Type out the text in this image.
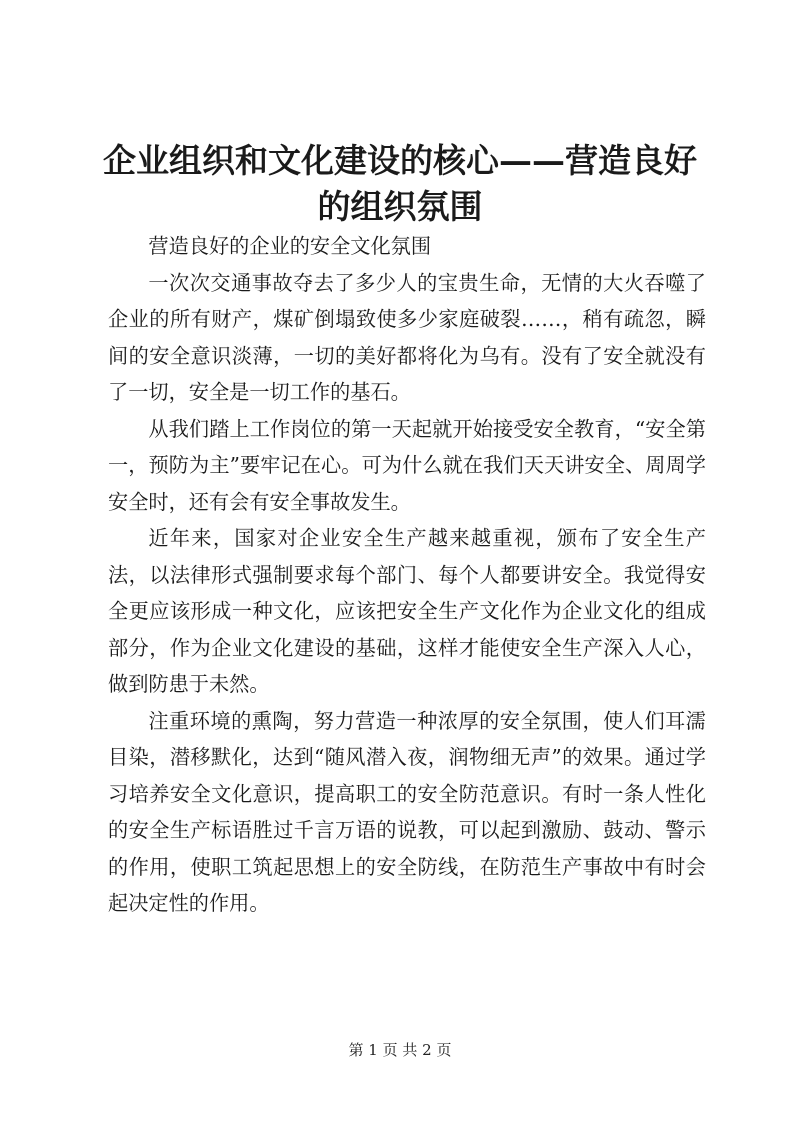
企业组织和文化建设的核心——营造良好的组织氛围

营造良好的企业的安全文化氛围

一次次交通事故夺去了多少人的宝贵生命，无情的大火吞噬了企业的所有财产，煤矿倒塌致使多少家庭破裂……，稍有疏忽，瞬间的安全意识淡薄，一切的美好都将化为乌有。没有了安全就没有了一切，安全是一切工作的基石。

从我们踏上工作岗位的第一天起就开始接受安全教育，“安全第一，预防为主”要牢记在心。可为什么就在我们天天讲安全、周周学安全时，还有会有安全事故发生。

近年来，国家对企业安全生产越来越重视，颁布了安全生产法，以法律形式强制要求每个部门、每个人都要讲安全。我觉得安全更应该形成一种文化，应该把安全生产文化作为企业文化的组成部分，作为企业文化建设的基础，这样才能使安全生产深入人心，做到防患于未然。

注重环境的熏陶，努力营造一种浓厚的安全氛围，使人们耳濡目染，潜移默化，达到“随风潜入夜，润物细无声”的效果。通过学习培养安全文化意识，提高职工的安全防范意识。有时一条人性化的安全生产标语胜过千言万语的说教，可以起到激励、鼓动、警示的作用，使职工筑起思想上的安全防线，在防范生产事故中有时会起决定性的作用。

第 1 页 共 2 页
